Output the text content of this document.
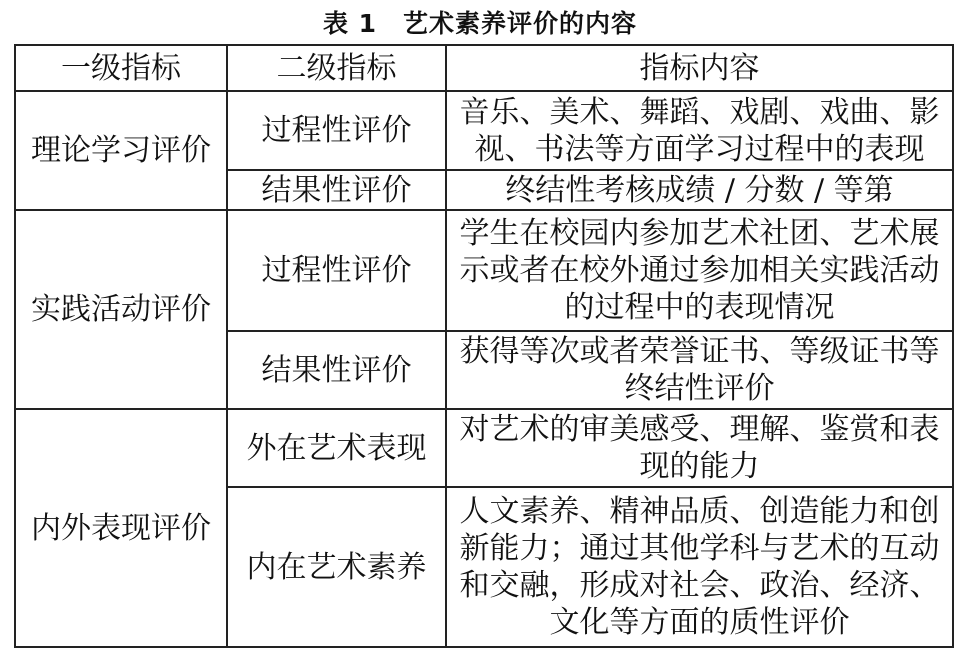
表 1　艺术素养评价的内容
一级指标	二级指标	指标内容
理论学习评价	过程性评价	音乐、美术、舞蹈、戏剧、戏曲、影视、书法等方面学习过程中的表现
	结果性评价	终结性考核成绩 / 分数 / 等第
实践活动评价	过程性评价	学生在校园内参加艺术社团、艺术展示或者在校外通过参加相关实践活动的过程中的表现情况
	结果性评价	获得等次或者荣誉证书、等级证书等终结性评价
内外表现评价	外在艺术表现	对艺术的审美感受、理解、鉴赏和表现的能力
	内在艺术素养	人文素养、精神品质、创造能力和创新能力；通过其他学科与艺术的互动和交融，形成对社会、政治、经济、文化等方面的质性评价
